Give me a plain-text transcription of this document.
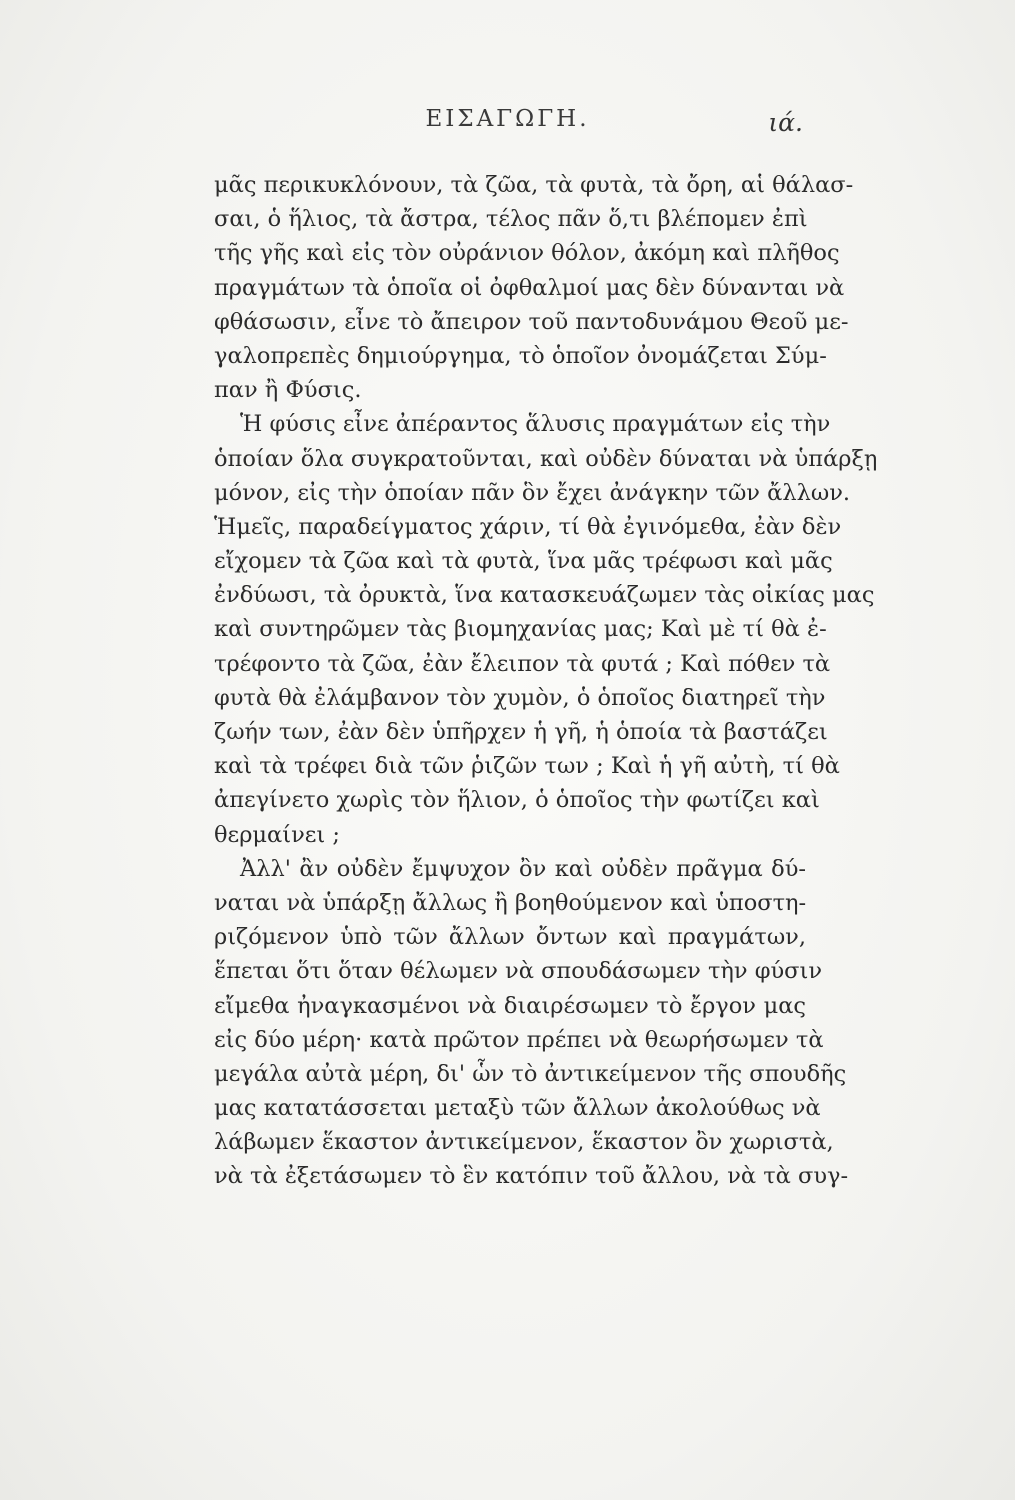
ΕΙΣΑΓΩΓΗ.	ιά.
μᾶς περικυκλόνουν, τὰ ζῶα, τὰ φυτὰ, τὰ ὄρη, αἱ θάλασ-
σαι, ὁ ἥλιος, τὰ ἄστρα, τέλος πᾶν ὅ,τι βλέπομεν ἐπὶ
τῆς γῆς καὶ εἰς τὸν οὐράνιον θόλον, ἀκόμη καὶ πλῆθος
πραγμάτων τὰ ὁποῖα οἱ ὀφθαλμοί μας δὲν δύνανται νὰ
φθάσωσιν, εἶνε τὸ ἄπειρον τοῦ παντοδυνάμου Θεοῦ με-
γαλοπρεπὲς δημιούργημα, τὸ ὁποῖον ὀνομάζεται Σύμ-
παν ἢ Φύσις.
Ἡ φύσις εἶνε ἀπέραντος ἅλυσις πραγμάτων εἰς τὴν
ὁποίαν ὅλα συγκρατοῦνται, καὶ οὐδὲν δύναται νὰ ὑπάρξῃ
μόνον, εἰς τὴν ὁποίαν πᾶν ὃν ἔχει ἀνάγκην τῶν ἄλλων.
Ἡμεῖς, παραδείγματος χάριν, τί θὰ ἐγινόμεθα, ἐὰν δὲν
εἴχομεν τὰ ζῶα καὶ τὰ φυτὰ, ἵνα μᾶς τρέφωσι καὶ μᾶς
ἐνδύωσι, τὰ ὀρυκτὰ, ἵνα κατασκευάζωμεν τὰς οἰκίας μας
καὶ συντηρῶμεν τὰς βιομηχανίας μας; Καὶ μὲ τί θὰ ἐ-
τρέφοντο τὰ ζῶα, ἐὰν ἔλειπον τὰ φυτά ; Καὶ πόθεν τὰ
φυτὰ θὰ ἐλάμβανον τὸν χυμὸν, ὁ ὁποῖος διατηρεῖ τὴν
ζωήν των, ἐὰν δὲν ὑπῆρχεν ἡ γῆ, ἡ ὁποία τὰ βαστάζει
καὶ τὰ τρέφει διὰ τῶν ῥιζῶν των ; Καὶ ἡ γῆ αὐτὴ, τί θὰ
ἀπεγίνετο χωρὶς τὸν ἥλιον, ὁ ὁποῖος τὴν φωτίζει καὶ
θερμαίνει ;
Ἀλλ' ἂν οὐδὲν ἔμψυχον ὂν καὶ οὐδὲν πρᾶγμα δύ-
ναται νὰ ὑπάρξῃ ἄλλως ἢ βοηθούμενον καὶ ὑποστη-
ριζόμενον ὑπὸ τῶν ἄλλων ὄντων καὶ πραγμάτων,
ἕπεται ὅτι ὅταν θέλωμεν νὰ σπουδάσωμεν τὴν φύσιν
εἴμεθα ἠναγκασμένοι νὰ διαιρέσωμεν τὸ ἔργον μας
εἰς δύο μέρη· κατὰ πρῶτον πρέπει νὰ θεωρήσωμεν τὰ
μεγάλα αὐτὰ μέρη, δι' ὧν τὸ ἀντικείμενον τῆς σπουδῆς
μας κατατάσσεται μεταξὺ τῶν ἄλλων ἀκολούθως νὰ
λάβωμεν ἕκαστον ἀντικείμενον, ἕκαστον ὂν χωριστὰ,
νὰ τὰ ἐξετάσωμεν τὸ ἓν κατόπιν τοῦ ἄλλου, νὰ τὰ συγ-
